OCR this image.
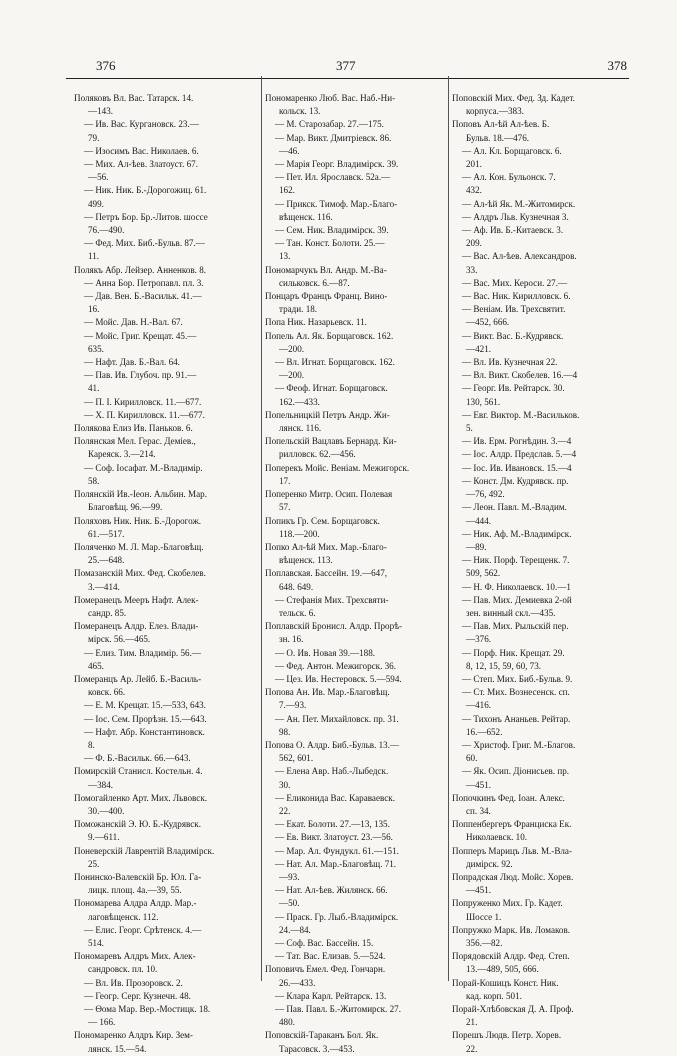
376	377	378
Поляковъ Вл. Вас. Татарск. 14.
—143.
— Ив. Вас. Кургановск. 23.—
79.
— Изосимъ Вас. Николаев. 6.
— Мих. Ал-ѣев. Златоуст. 67.
—56.
— Ник. Ник. Б.-Дорогожиц. 61.
499.
— Петръ Бор. Бр.-Литов. шоссе
76.—490.
— Фед. Мих. Биб.-Бульв. 87.—
11.
Полякъ Абр. Лейзер. Анненков. 8.
— Анна Бор. Петропавл. пл. 3.
— Дав. Вен. Б.-Васильк. 41.—
16.
— Мойс. Дав. Н.-Вал. 67.
— Мойс. Григ. Крещат. 45.—
635.
— Нафт. Дав. Б.-Вал. 64.
— Пав. Ив. Глубоч. пр. 91.—
41.
— П. І. Кирилловск. 11.—677.
— Х. П. Кирилловск. 11.—677.
Полякова Елиз Ив. Паньков. 6.
Полянская Мел. Герас. Деміев.,
Кареяск. 3.—214.
— Соф. Іосафат. М.-Владимір.
58.
Полянскій Ив.-Іеон. Альбин. Мар.
Благовѣщ. 96.—99.
Поляховъ Ник. Ник. Б.-Дорогож.
61.—517.
Поляченко М. Л. Мар.-Благовѣщ.
25.—648.
Помазанскій Мих. Фед. Скобелев.
3.—414.
Померанецъ Мееръ Нафт. Алек-
сандр. 85.
Померанецъ Алдр. Елез. Влади-
мірск. 56.—465.
— Елиз. Тим. Владимір. 56.—
465.
Померанцъ Ар. Лейб. Б.-Василь-
ковск. 66.
— Е. М. Крещат. 15.—533, 643.
— Іос. Сем. Прорѣзн. 15.—643.
— Нафт. Абр. Константиновск.
8.
— Ф. Б.-Васильк. 66.—643.
Помирскій Станисл. Костельн. 4.
—384.
Помогайленко Арт. Мих. Львовск.
30.—400.
Поможанскій Э. Ю. Б.-Кудрявск.
9.—611.
Поневерскій Лаврентій Владимірск.
25.
Понинско-Валевскій Бр. Юл. Га-
лицк. площ. 4а.—39, 55.
Пономарева Алдра Алдр. Мар.-
лаговѣщенск. 112.
— Елис. Георг. Срѣтенск. 4.—
514.
Пономаревъ Алдръ Мих. Алек-
сандровск. пл. 10.
— Вл. Ив. Прозоровск. 2.
— Геогр. Серг. Кузнечн. 48.
— Ѳома Мар. Вер.-Мостицк. 18.
— 166.
Пономаренко Алдръ Кир. Зем-
лянск. 15.—54.
Пономаренко Люб. Вас. Наб.-Ни-
кольск. 13.
— М. Старозабар. 27.—175.
— Мар. Викт. Дмитріевск. 86.
—46.
— Марія Георг. Владимірск. 39.
— Пет. Ил. Ярославск. 52а.—
162.
— Прикск. Тимоф. Мар.-Благо-
вѣщенск. 116.
— Сем. Ник. Владимірск. 39.
— Тан. Конст. Болоти. 25.—
13.
Пономарчукъ Вл. Андр. М.-Ва-
сильковск. 6.—87.
Понцаръ Францъ Франц. Вино-
тради. 18.
Попа Ник. Назарьевск. 11.
Попель Ал. Як. Борщаговск. 162.
—200.
— Вл. Игнат. Борщаговск. 162.
—200.
— Феоф. Игнат. Борщаговск.
162.—433.
Попельницкій Петръ Андр. Жи-
лянск. 116.
Попельскій Вацлавъ Бернард. Ки-
рилловск. 62.—456.
Поперекъ Мойс. Веніам. Межигорск.
17.
Поперенко Митр. Осип. Полевая
57.
Попикъ Гр. Сем. Борщаговск.
118.—200.
Попко Ал-ѣй Мих. Мар.-Благо-
вѣщенск. 113.
Поплавская. Бассейн. 19.—647,
648. 649.
— Стефанія Мих. Трехсвяти-
тельск. 6.
Поплавскій Бронисл. Алдр. Прорѣ-
зн. 16.
— О. Ив. Новая 39.—188.
— Фед. Антон. Межигорск. 36.
— Цез. Ив. Нестеровск. 5.—594.
Попова Ан. Ив. Мар.-Благовѣщ.
7.—93.
— Ан. Пет. Михайловск. пр. 31.
98.
Попова О. Алдр. Биб.-Бульв. 13.—
562, 601.
— Елена Авр. Наб.-Лыбедск.
30.
— Еликонида Вас. Караваевск.
22.
— Екат. Болоти. 27.—13, 135.
— Ев. Викт. Златоуст. 23.—56.
— Мар. Ал. Фундукл. 61.—151.
— Нат. Ал. Мар.-Благовѣщ. 71.
—93.
— Нат. Ал-ѣев. Жилянск. 66.
—50.
— Праск. Гр. Лыб.-Владимірск.
24.—84.
— Соф. Вас. Бассейн. 15.
— Тат. Вас. Елизав. 5.—524.
Поповичъ Емел. Фед. Гончарн.
26.—433.
— Клара Карл. Рейтарск. 13.
— Пав. Павл. Б.-Житомирск. 27.
480.
Поповскій-Тараканъ Бол. Як.
Тарасовск. 3.—453.
Поповскій Мих. Фед. Зд. Кадет.
корпуса.—383.
Поповъ Ал-ѣй Ал-ѣев. Б.
Бульв. 18.—476.
— Ал. Кл. Борщаговск. 6.
201.
— Ал. Кон. Бульонск. 7.
432.
— Ал-ѣй Як. М.-Житомирск.
— Алдръ Льв. Кузнечная 3.
— Аф. Ив. Б.-Китаевск. 3.
209.
— Вас. Ал-ѣев. Александров.
33.
— Вас. Мих. Кероси. 27.—
— Вас. Ник. Кирилловск. 6.
— Веніам. Ив. Трехсвятит.
—452, 666.
— Викт. Вас. Б.-Кудрявск.
—421.
— Вл. Ив. Кузнечная 22.
— Вл. Викт. Скобелев. 16.—4
— Георг. Ив. Рейтарск. 30.
130, 561.
— Евг. Виктор. М.-Васильков.
5.
— Ив. Ерм. Рогнѣдин. 3.—4
— Іос. Алдр. Предслав. 5.—4
— Іос. Ив. Ивановск. 15.—4
— Конст. Дм. Кудрявск. пр.
—76, 492.
— Леон. Павл. М.-Владим.
—444.
— Ник. Аф. М.-Владимірск.
—89.
— Ник. Порф. Терещенк. 7.
509, 562.
— Н. Ф. Николаевск. 10.—1
— Пав. Мих. Демиевка 2-ой
зен. винный скл.—435.
— Пав. Мих. Рыльскій пер.
—376.
— Порф. Ник. Крещат. 29.
8, 12, 15, 59, 60, 73.
— Степ. Мих. Биб.-Бульв. 9.
— Ст. Мих. Вознесенск. сп.
—416.
— Тихонъ Ананьев. Рейтар.
16.—652.
— Христоф. Григ. М.-Благов.
60.
— Як. Осип. Діонисьев. пр.
—451.
Попочкинъ Фед. Іоан. Алекс.
сп. 34.
Поппенбергеръ Францискa Ек.
Николаевск. 10.
Попперъ Марицъ Льв. М.-Вла-
димірск. 92.
Попрадская Люд. Мойс. Хорев.
—451.
Попруженко Мих. Гр. Кадет.
Шоссе 1.
Попружко Марк. Ив. Ломаков.
356.—82.
Порядовскій Алдр. Фед. Степ.
13.—489, 505, 666.
Порай-Кошицъ Конст. Ник.
кад. корп. 501.
Порай-Хлѣбовская Д. А. Проф.
21.
Порешъ Людв. Петр. Хорев.
22.
